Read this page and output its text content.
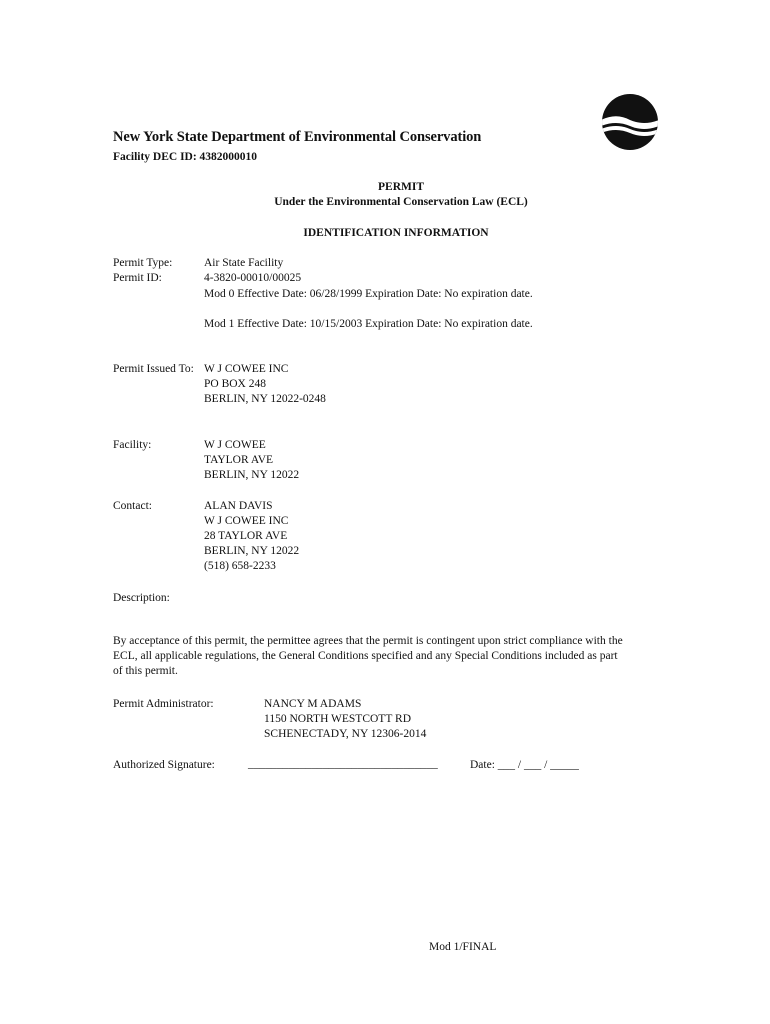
New York State Department of Environmental Conservation
Facility DEC ID: 4382000010
PERMIT
Under the Environmental Conservation Law (ECL)
IDENTIFICATION INFORMATION
Permit Type:	Air State Facility
Permit ID:	4-3820-00010/00025
Mod 0 Effective Date: 06/28/1999 Expiration Date: No expiration date.
Mod 1 Effective Date: 10/15/2003 Expiration Date: No expiration date.
Permit Issued To: W J COWEE INC
PO BOX 248
BERLIN, NY 12022-0248
Facility:	W J COWEE
TAYLOR AVE
BERLIN, NY 12022
Contact:	ALAN DAVIS
W J COWEE INC
28 TAYLOR AVE
BERLIN, NY 12022
(518) 658-2233
Description:
By acceptance of this permit, the permittee agrees that the permit is contingent upon strict compliance with the ECL, all applicable regulations, the General Conditions specified and any Special Conditions included as part of this permit.
Permit Administrator:	NANCY M ADAMS
1150 NORTH WESTCOTT RD
SCHENECTADY, NY 12306-2014
Authorized Signature:	_________________________________	Date: ___ / ___ / _____
Mod 1/FINAL
